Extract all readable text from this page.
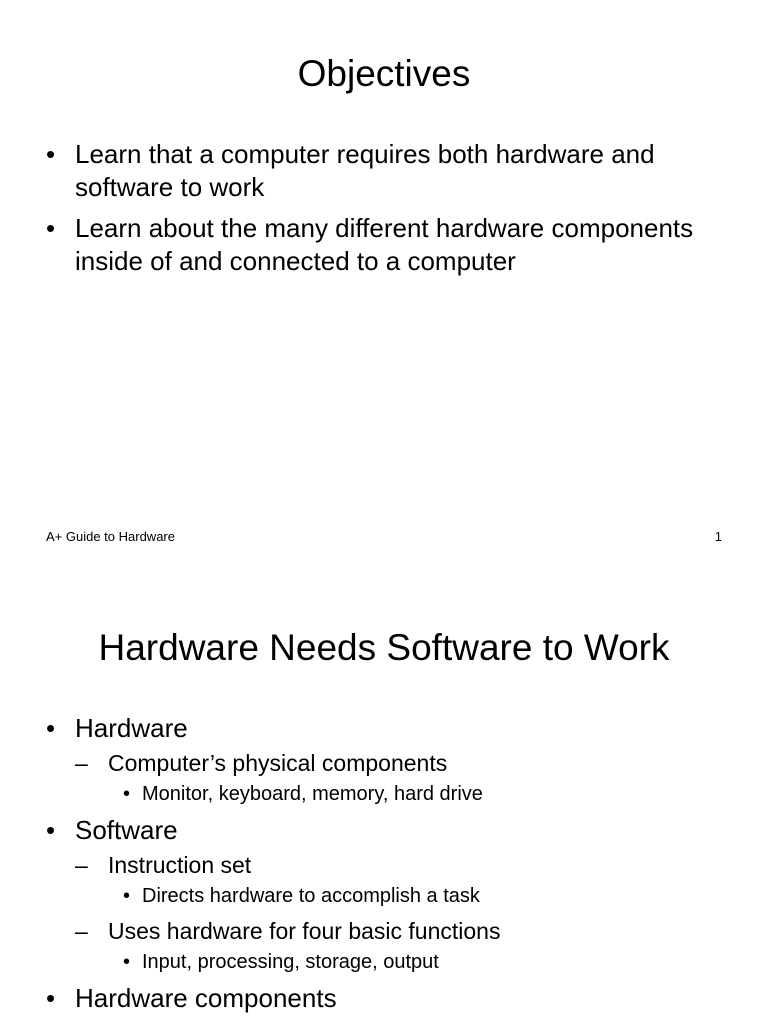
Objectives
• Learn that a computer requires both hardware and software to work
• Learn about the many different hardware components inside of and connected to a computer
A+ Guide to Hardware	1
Hardware Needs Software to Work
• Hardware
– Computer’s physical components
• Monitor, keyboard, memory, hard drive
• Software
– Instruction set
• Directs hardware to accomplish a task
– Uses hardware for four basic functions
• Input, processing, storage, output
• Hardware components
